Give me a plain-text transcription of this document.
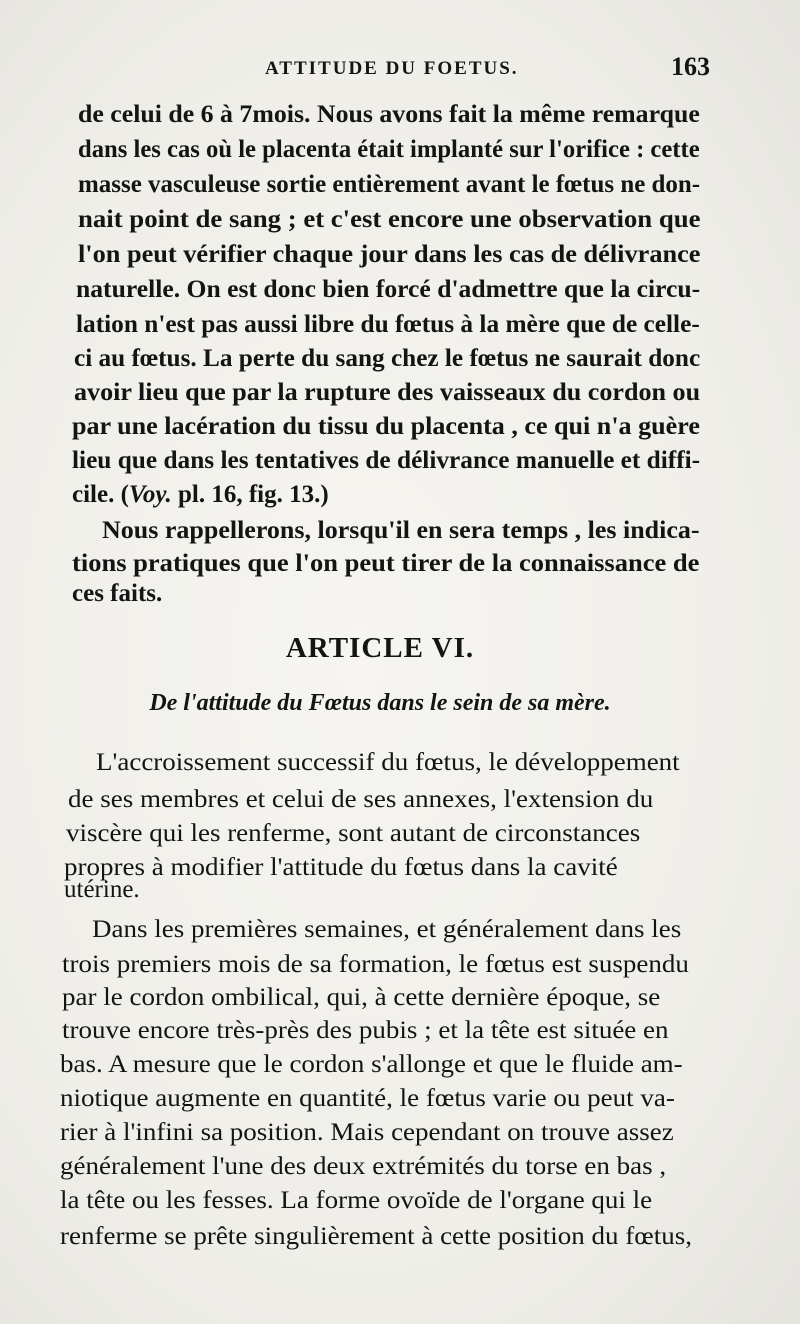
ATTITUDE DU FOETUS.	163
de celui de 6 à 7mois. Nous avons fait la même remarque
dans les cas où le placenta était implanté sur l'orifice : cette
masse vasculeuse sortie entièrement avant le fœtus ne don-
nait point de sang ; et c'est encore une observation que
l'on peut vérifier chaque jour dans les cas de délivrance
naturelle. On est donc bien forcé d'admettre que la circu-
lation n'est pas aussi libre du fœtus à la mère que de celle-
ci au fœtus. La perte du sang chez le fœtus ne saurait donc
avoir lieu que par la rupture des vaisseaux du cordon ou
par une lacération du tissu du placenta , ce qui n'a guère
lieu que dans les tentatives de délivrance manuelle et diffi-
cile. (Voy. pl. 16, fig. 13.)
Nous rappellerons, lorsqu'il en sera temps , les indica-
tions pratiques que l'on peut tirer de la connaissance de
ces faits.
ARTICLE VI.
De l'attitude du Fœtus dans le sein de sa mère.
L'accroissement successif du fœtus, le développement
de ses membres et celui de ses annexes, l'extension du
viscère qui les renferme, sont autant de circonstances
propres à modifier l'attitude du fœtus dans la cavité
utérine.
Dans les premières semaines, et généralement dans les
trois premiers mois de sa formation, le fœtus est suspendu
par le cordon ombilical, qui, à cette dernière époque, se
trouve encore très-près des pubis ; et la tête est située en
bas. A mesure que le cordon s'allonge et que le fluide am-
niotique augmente en quantité, le fœtus varie ou peut va-
rier à l'infini sa position. Mais cependant on trouve assez
généralement l'une des deux extrémités du torse en bas ,
la tête ou les fesses. La forme ovoïde de l'organe qui le
renferme se prête singulièrement à cette position du fœtus,
